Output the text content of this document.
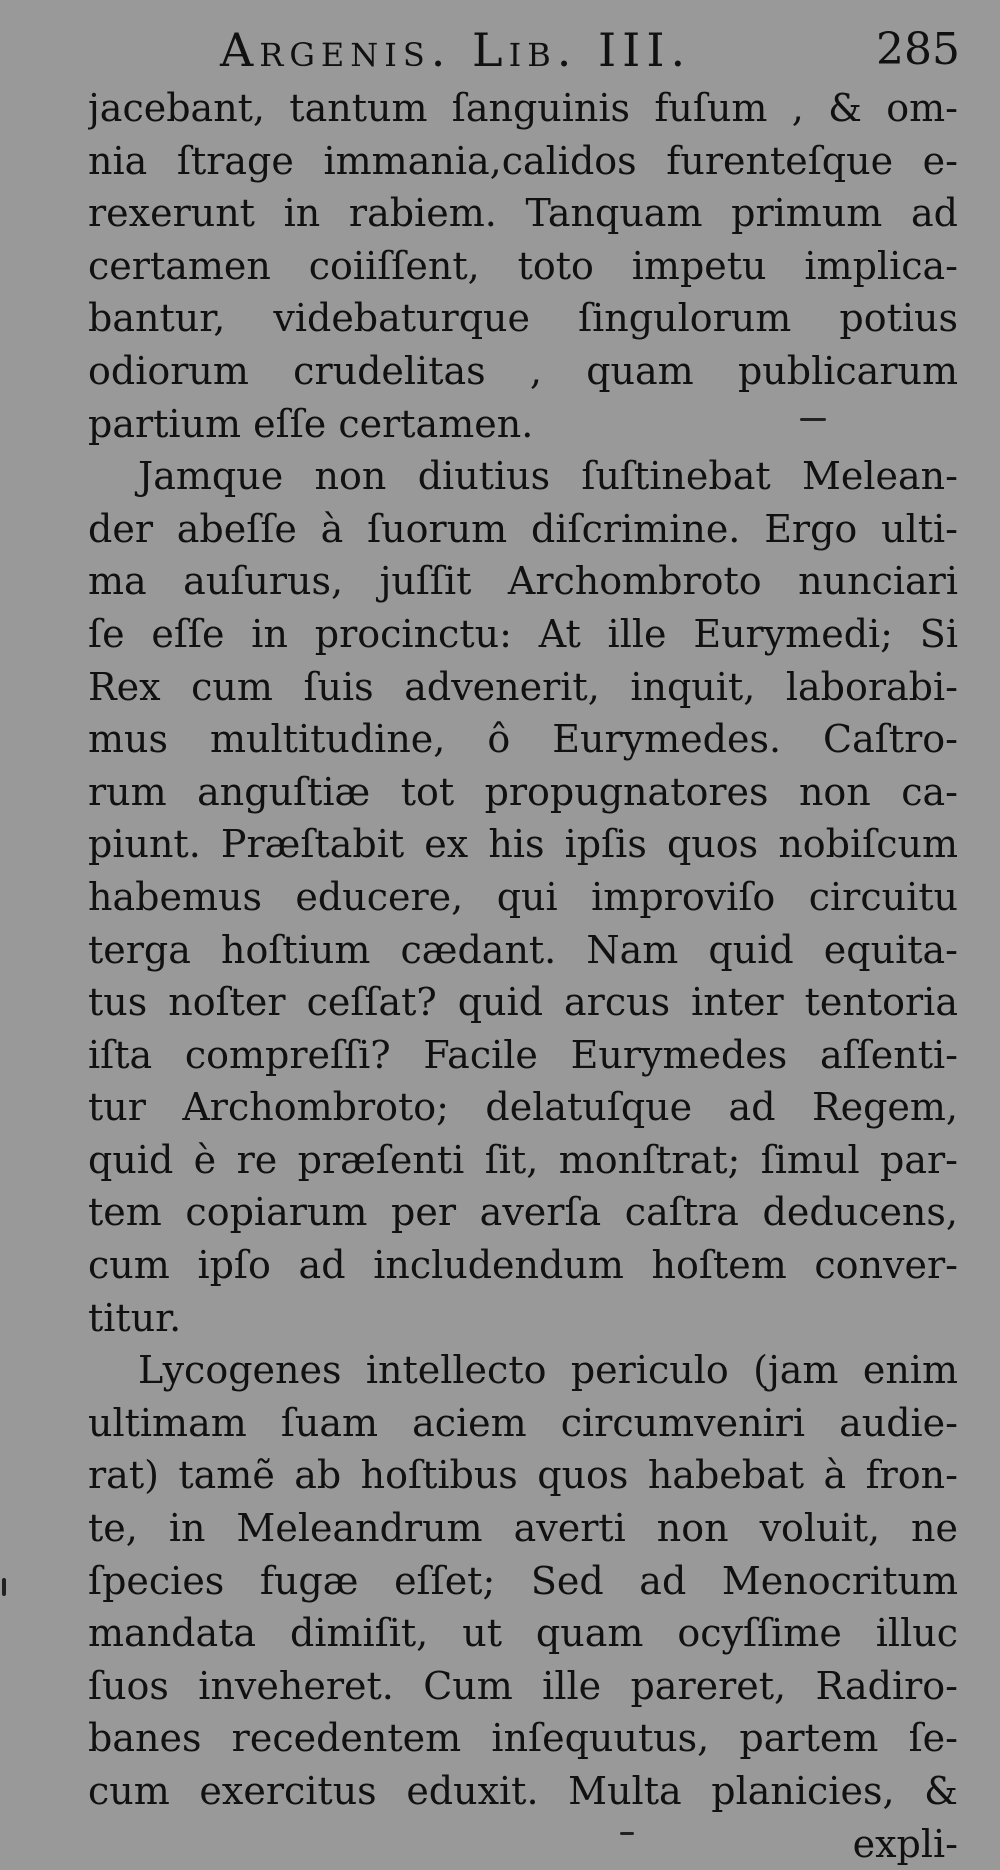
Argenis. Lib. III.	285
jacebant, tantum ſanguinis fuſum , & om-
nia ſtrage immania,calidos furenteſque e-
rexerunt in rabiem. Tanquam primum ad
certamen coiiſſent, toto impetu implica-
bantur, videbaturque ſingulorum potius
odiorum crudelitas , quam publicarum
partium eſſe certamen.
Jamque non diutius ſuſtinebat Melean-
der abeſſe à ſuorum diſcrimine. Ergo ulti-
ma auſurus, juſſit Archombroto nunciari
ſe eſſe in procinctu: At ille Eurymedi; Si
Rex cum ſuis advenerit, inquit, laborabi-
mus multitudine, ô Eurymedes. Caſtro-
rum anguſtiæ tot propugnatores non ca-
piunt. Præſtabit ex his ipſis quos nobiſcum
habemus educere, qui improviſo circuitu
terga hoſtium cædant. Nam quid equita-
tus noſter ceſſat? quid arcus inter tentoria
iſta compreſſi? Facile Eurymedes aſſenti-
tur Archombroto; delatuſque ad Regem,
quid è re præſenti ſit, monſtrat; ſimul par-
tem copiarum per averſa caſtra deducens,
cum ipſo ad includendum hoſtem conver-
titur.
Lycogenes intellecto periculo (jam enim
ultimam ſuam aciem circumveniri audie-
rat) tamẽ ab hoſtibus quos habebat à fron-
te, in Meleandrum averti non voluit, ne
ſpecies fugæ eſſet; Sed ad Menocritum
mandata dimiſit, ut quam ocyſſime illuc
ſuos inveheret. Cum ille pareret, Radiro-
banes recedentem inſequutus, partem ſe-
cum exercitus eduxit. Multa planicies, &
expli-
